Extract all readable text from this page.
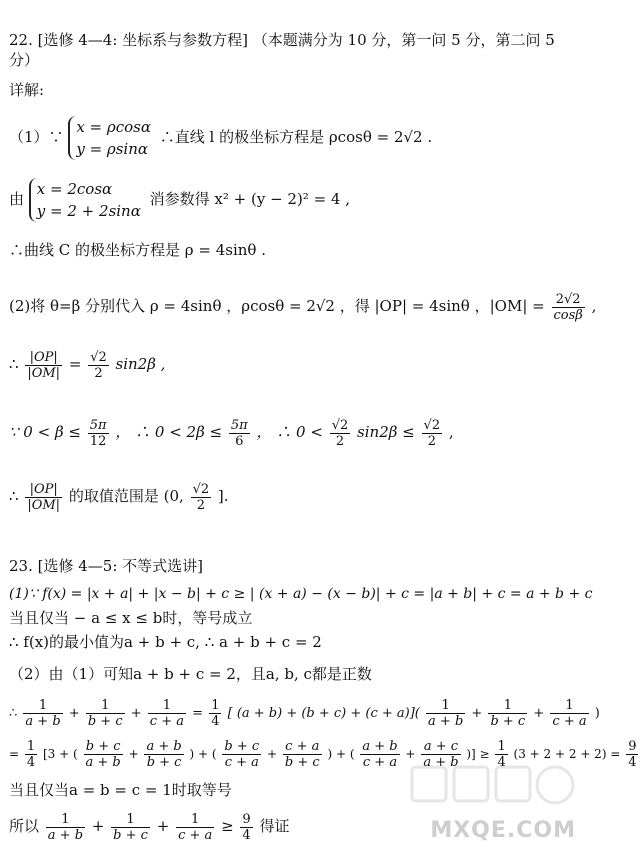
22. [选修 4—4: 坐标系与参数方程] （本题满分为 10 分，第一问 5 分，第二问 5
分）
详解:
（1）∵
x = ρcosα
y = ρsinα
∴直线 l 的极坐标方程是 ρcosθ = 2√2 .
由
x = 2cosα
y = 2 + 2sinα
消参数得 x² + (y − 2)² = 4 ,
∴曲线 C 的极坐标方程是 ρ = 4sinθ .
(2)将 θ=β 分别代入 ρ = 4sinθ ，ρcosθ = 2√2 ，得 |OP| = 4sinθ ，$|OM| = \frac{2√2}{\cos\beta}$ ,
∴ $\frac{|OP|}{|OM|} = \frac{√2}{2} \sin 2\beta$ ,
∵ $0 < \beta \le \frac{5\pi}{12}$ ， ∴ $0 < 2\beta \le \frac{5\pi}{6}$ ， ∴ $0 < \frac{√2}{2} \sin 2\beta \le \frac{√2}{2}$ ,
∴ $\frac{|OP|}{|OM|}$ 的取值范围是 (0, $\frac{√2}{2}$ ].
23. [选修 4—5: 不等式选讲]
(1)∵ f(x) = |x + a| + |x − b| + c ≥ | (x + a) − (x − b)| + c = |a + b| + c = a + b + c
当且仅当 − a ≤ x ≤ b时，等号成立
∴ f(x)的最小值为a + b + c, ∴ a + b + c = 2
（2）由（1）可知a + b + c = 2，且a, b, c都是正数
∴ $\frac{1}{a + b} + \frac{1}{b + c} + \frac{1}{c + a} = \frac{1}{4}$ [ $(a + b) + (b + c) + (c + a)]( \frac{1}{a + b} + \frac{1}{b + c} + \frac{1}{c + a}$ )
= $\frac{1}{4} [3$ + ( $\frac{b + c}{a + b} + \frac{a + b}{b + c}$ ) + ( $\frac{b + c}{c + a} + \frac{c + a}{b + c}$ ) + ( $\frac{a + b}{c + a} + \frac{a + c}{a + b}$ )] ≥ $\frac{1}{4} (3 + 2 + 2 + 2) = \frac{9}{4}$
当且仅当a = b = c = 1时取等号
所以 $\frac{1}{a + b} + \frac{1}{b + c} + \frac{1}{c + a} \ge \frac{9}{4}$ 得证	MXQE.COM
